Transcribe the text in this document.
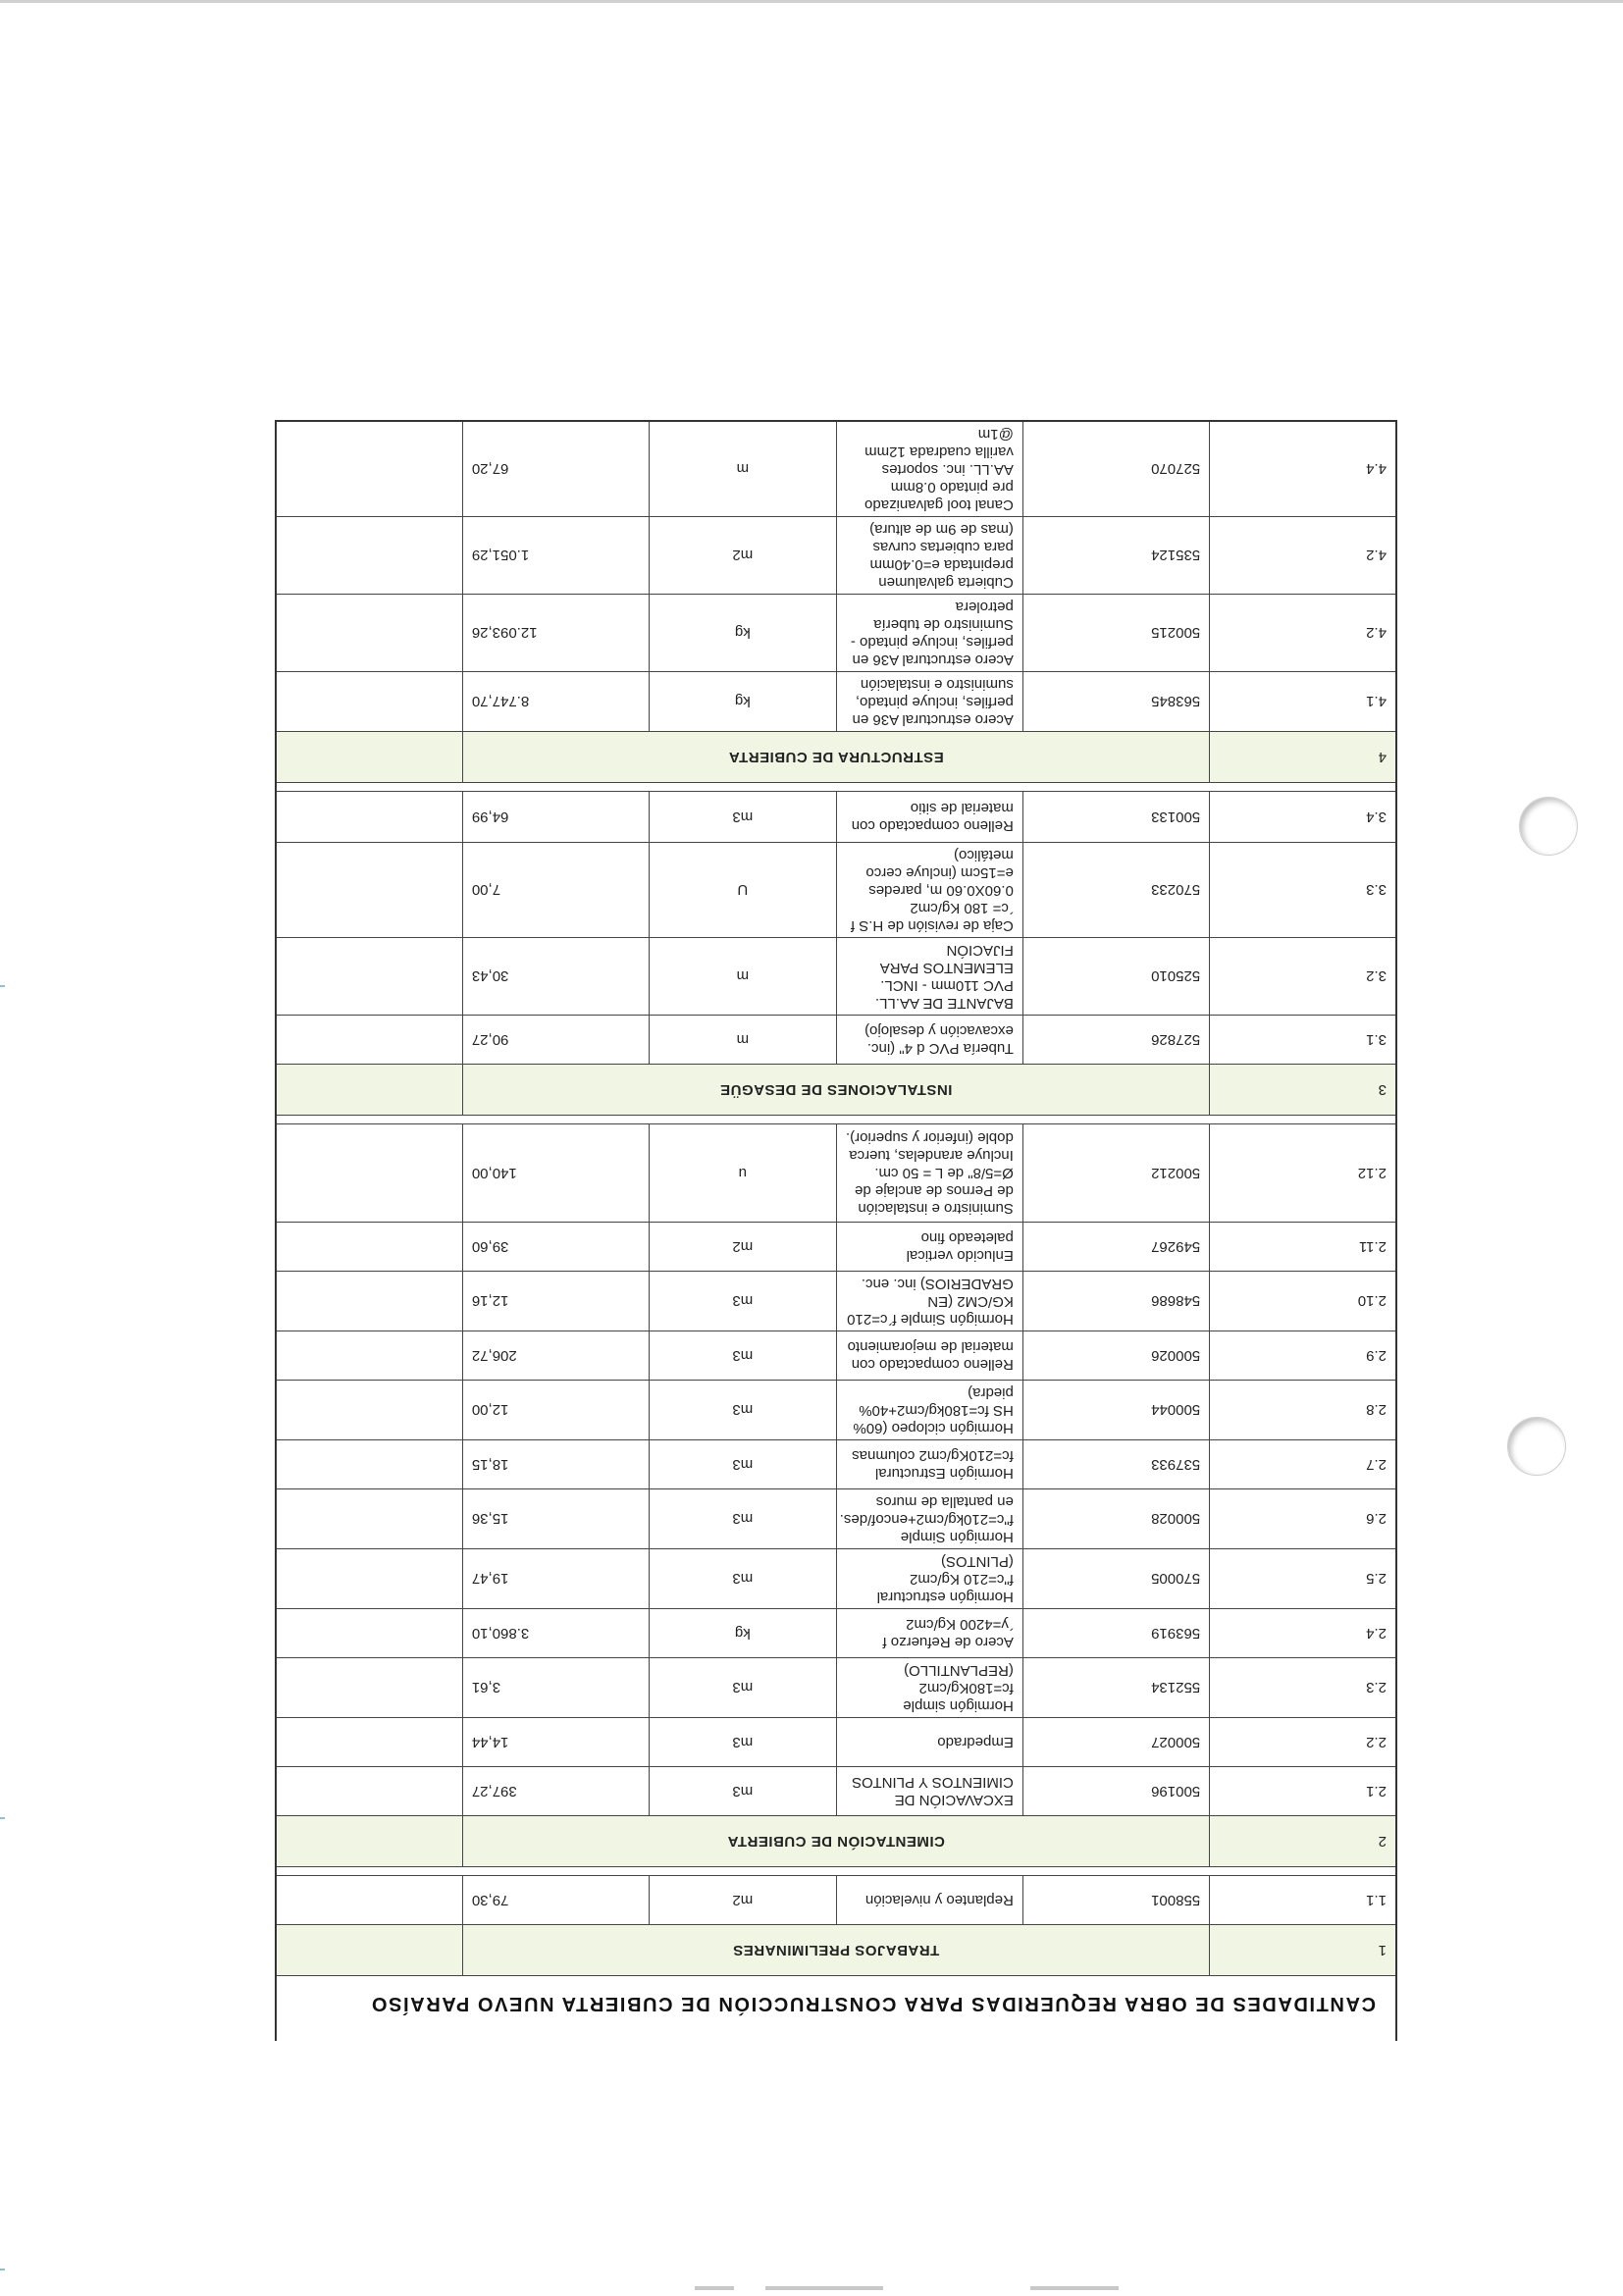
CANTIDADES DE OBRA REQUERIDAS PARA CONSTRUCCIÓN DE CUBIERTA NUEVO PARAÍSO					
1	TRABAJOS PRELIMINARES				
1.1	558001	Replanteo y nivelación	m2	79,30	

2	CIMENTACIÓN DE CUBIERTA				
2.1	500196	EXCAVACIÓN DE CIMIENTOS Y PLINTOS	m3	397,27	
2.2	500027	Empedrado	m3	14,44	
2.3	552134	Hormigón simple fc=180Kg/cm2 (REPLANTILLO)	m3	3,61	
2.4	563919	Acero de Refuerzo f´y=4200 Kg/cm2	kg	3.860,10	
2.5	570005	Hormigón estructural f"c=210 Kg/cm2 (PLINTOS)	m3	19,47	
2.6	500028	Hormigón Simple f"c=210kg/cm2+encof/des. en pantalla de muros	m3	15,36	
2.7	537933	Hormigón Estructural fc=210Kg/cm2 columnas	m3	18,15	
2.8	500044	Hormigón ciclopeo (60% HS fc=180kg/cm2+40% piedra)	m3	12,00	
2.9	500026	Relleno compactado con material de mejoramiento	m3	206,72	
2.10	548686	Hormigón Simple f´c=210 KG/CM2 (EN GRADERIOS) inc. enc.	m3	12,16	
2.11	549267	Enlucido vertical paleteado fino	m2	39,60	
2.12	500212	Suministro e instalación de Pernos de anclaje de Ø=5/8" de L = 50 cm. Incluye arandelas, tuerca doble (inferior y superior).	u	140,00	

3	INSTALACIONES DE DESAGÜE				
3.1	527826	Tubería PVC d 4" (inc. excavación y desalojo)	m	90,27	
3.2	525010	BAJANTE DE AA.LL. PVC 110mm - INCL. ELEMENTOS PARA FIJACIÓN	m	30,43	
3.3	570233	Caja de revisión de H.S f´c= 180 Kg/cm2 0.60X0.60 m, paredes e=15cm (incluye cerco metálico)	U	7,00	
3.4	500133	Relleno compactado con material de sitio	m3	64,99	

4	ESTRUCTURA DE CUBIERTA				
4.1	563845	Acero estructural A36 en perfiles, incluye pintado, suministro e instalación	kg	8.747,70	
4.2	500215	Acero estructural A36 en perfiles, incluye pintado - Suministro de tubería petrolera	kg	12.093,26	
4.2	535124	Cubierta galvalumen prepintada e=0.40mm para cubiertas curvas (mas de 9m de altura)	m2	1.051,29	
4.4	527070	Canal tool galvanizado pre pintado 0.8mm AA.LL. inc. soportes varilla cuadrada 12mm @1m	m	67,20	
